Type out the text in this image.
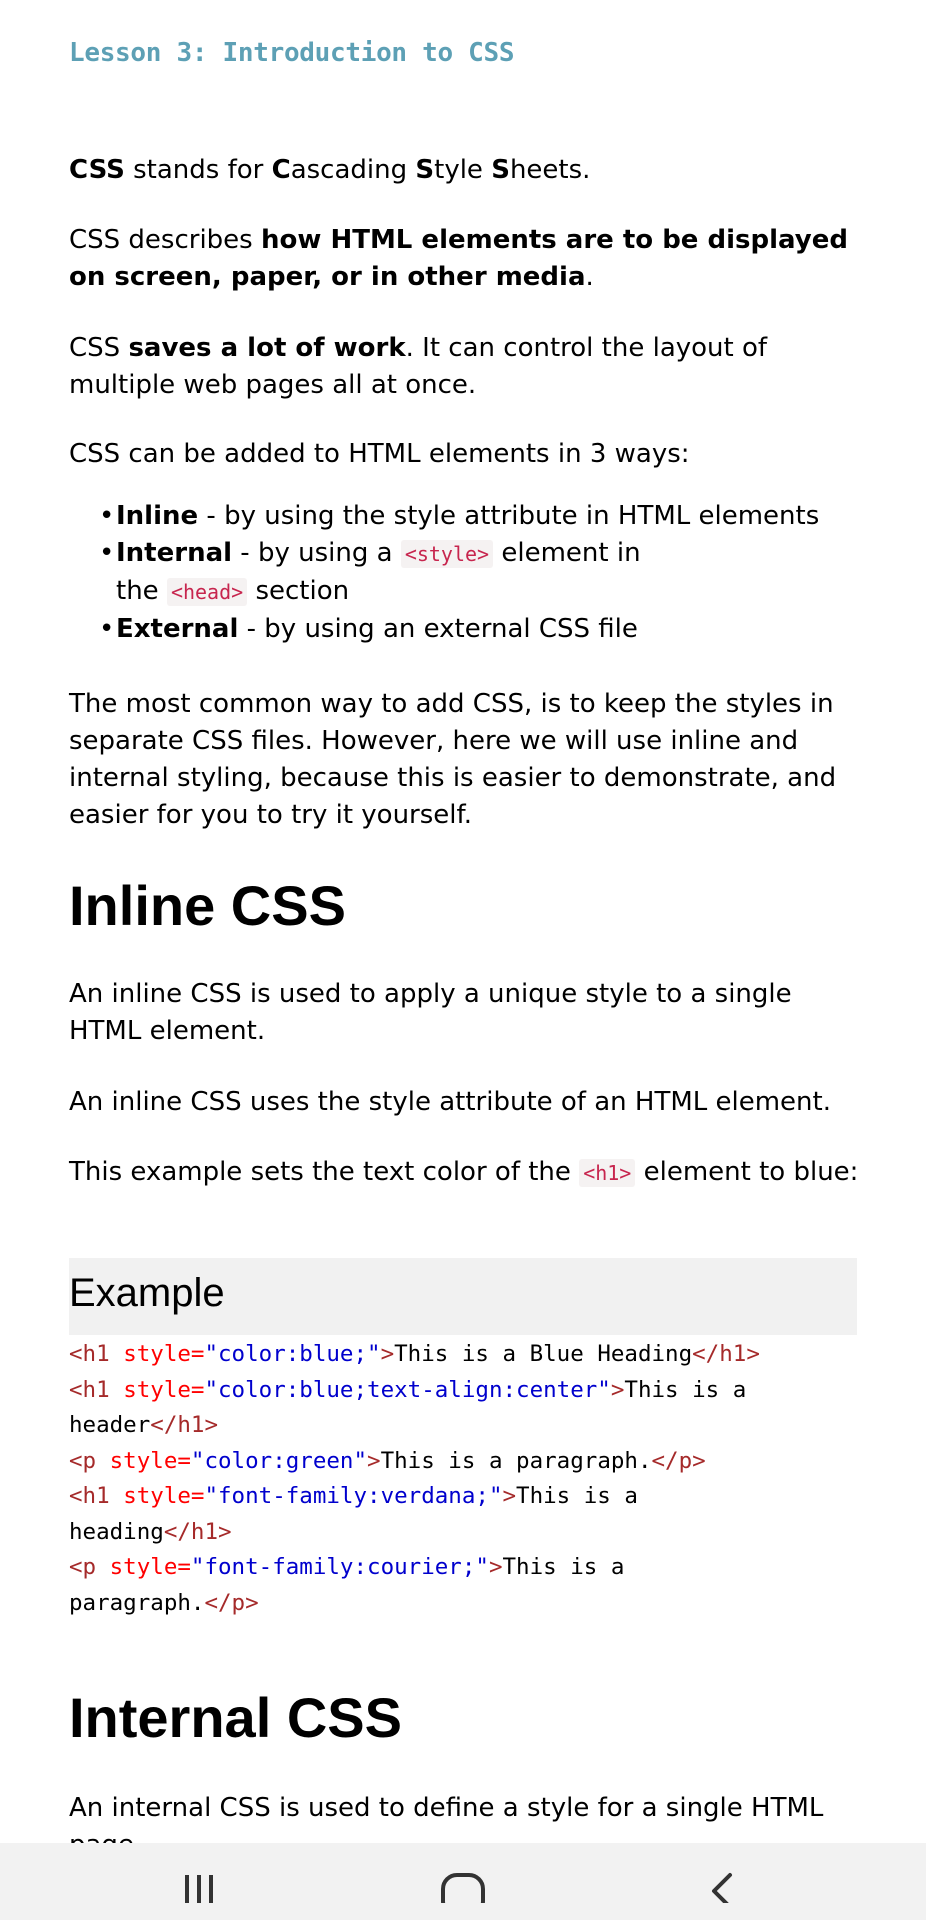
Lesson 3: Introduction to CSS

CSS stands for Cascading Style Sheets.

CSS describes how HTML elements are to be displayed on screen, paper, or in other media.

CSS saves a lot of work. It can control the layout of multiple web pages all at once.

CSS can be added to HTML elements in 3 ways:

• Inline - by using the style attribute in HTML elements
• Internal - by using a <style> element in the <head> section
• External - by using an external CSS file

The most common way to add CSS, is to keep the styles in separate CSS files. However, here we will use inline and internal styling, because this is easier to demonstrate, and easier for you to try it yourself.

Inline CSS

An inline CSS is used to apply a unique style to a single HTML element.

An inline CSS uses the style attribute of an HTML element.

This example sets the text color of the <h1> element to blue:

Example
<h1 style="color:blue;">This is a Blue Heading</h1>
<h1 style="color:blue;text-align:center">This is a
header</h1>
<p style="color:green">This is a paragraph.</p>
<h1 style="font-family:verdana;">This is a
heading</h1>
<p style="font-family:courier;">This is a
paragraph.</p>
Internal CSS

An internal CSS is used to define a style for a single HTML
